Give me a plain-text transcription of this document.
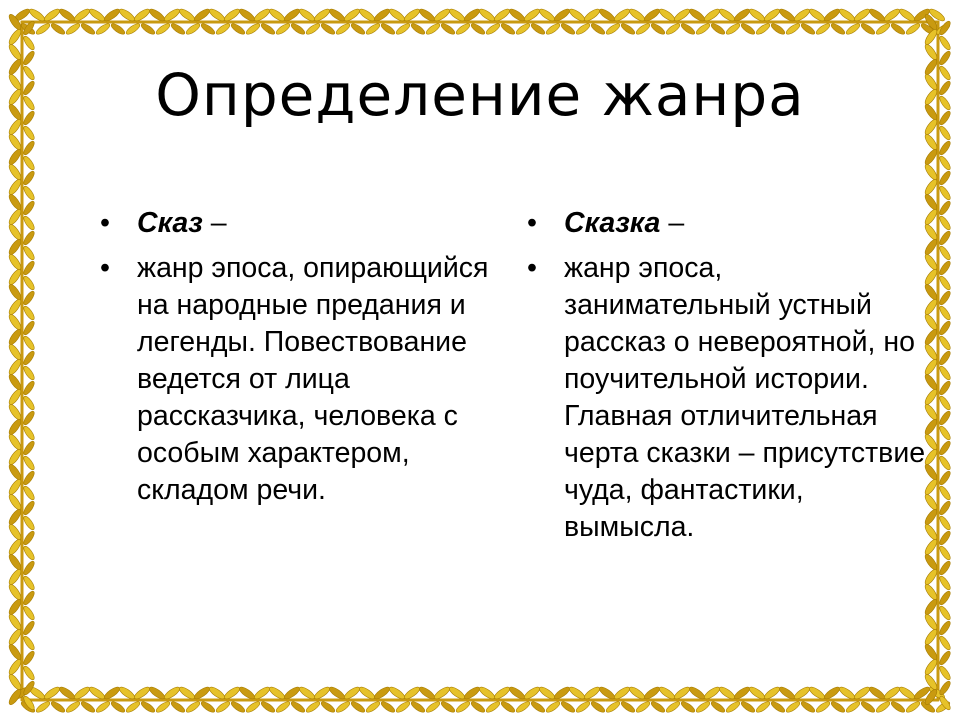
Определение жанра
• Сказ –
• жанр эпоса, опирающийся на народные предания и легенды. Повествование ведется от лица рассказчика, человека с особым характером, складом речи.
• Сказка –
• жанр эпоса, занимательный устный рассказ о невероятной, но поучительной истории. Главная отличительная черта сказки – присутствие чуда, фантастики, вымысла.
